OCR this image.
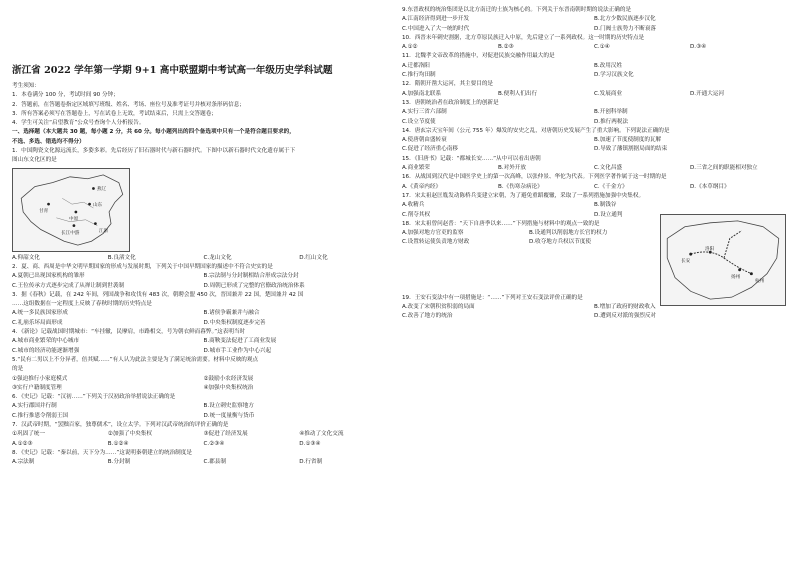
浙江省 2022 学年第一学期 9+1 高中联盟期中考试高一年级历史学科试题
考生须知：
1．本卷满分 100 分，考试时间 90 分钟；
2．答题前，在答题卷指定区域填写班级、姓名、考场、座位号及准考证号并核对条形码信息；
3．所有答案必须写在答题卷上，写在试卷上无效，考试结束后，只需上交答题卷；
4．学生可关注“启望教育”公众号查询个人分析报告。
一、选择题（本大题共 30 题，每小题 2 分，共 60 分。每小题列出的四个备选项中只有一个是符合题目要求的，
不选、多选、错选均不得分）
1．中国陶瓷文化源远流长，多姿多彩。先后经历了旧石器时代与新石器时代。下图中以新石器时代文化遗存属于下
图山东文化区的是
山东
中原
甘青
长江中游	江浙
燕辽
A.仰韶文化	B.良渚文化	C.龙山文化	D.红山文化
2．夏、商、西周是中华文明早期国家的形成与发展时期，下列关于中国早期国家的描述中不符合史实的是
A.夏朝已出现国家机构的雏形	B.宗法制与分封制相结合形成宗法分封
C.王位传承方式逐步完成了从禅让制到世袭制	D.周朝已形成了完整的官僚政治统治体系
3．据《春秋》记载，在 242 年间，列国战争和攻伐有 483 次，朝聘会盟 450 次，晋国兼并 22 国，楚国兼并 42 国
……这组数据在一定程度上反映了春秋时期的历史特点是
A.统一多民族国家形成	B.诸侯争霸兼并与融合
C.礼崩乐坏局面形成	D.中央集权制度逐步完善
4．《新论》记载战国时期城市：“车挂辙，民摩肩，市路相交，号为朝衣鲜而暮弊。”这表明当时
A.城市商业繁荣的中心城市	B.商鞅变法促进了工商业发展
C.城市的经济功能逐渐增强	D.城市手工业作为中心兴起
5.“民有二男以上不分异者，倍其赋……”有人认为此法主要是为了满足统治需要。材料中反映的观点
的是
①强迫推行小家庭模式	②鼓励小农经济发展
③实行户籍制度管理	④加强中央集权统治
6．《史记》记载：“汉初……”下列关于汉初政治举措说法正确的是
A.实行郡国并行制	B.设立刺史监察地方
C.推行推恩令削弱王国	D.统一度量衡与货币
7．汉武帝时期，“罢黜百家，独尊儒术”，设立太学。下列对汉武帝统治的评价正确的是
①巩固了统一	②加强了中央集权	③促进了经济发展	④推动了文化交流
A.①②③	B.①②④	C.②③④	D.①③④
8．《史记》记载：“秦以前，天下分为……”这说明秦朝建立的统治制度是
A.宗法制	B.分封制	C.郡县制	D.行省制
9.东晋政权的统治集团是以北方南迁的士族为核心的。下列关于东晋南朝时期的说法正确的是
A.江南经济得到进一步开发	B.北方少数民族逐步汉化
C.中国进入了大一统的时代	D.门阀士族势力不断衰落
10．西晋末年刺史割据，北方草原民族迁入中原，先后建立了一系列政权。这一时期的历史特点是
A.①②	B.②③	C.①④	D.③④
11．北魏孝文帝改革的措施中，对促进民族交融作用最大的是
A.迁都洛阳	B.改用汉姓
C.推行均田制	D.学习汉族文化
12．隋朝开凿大运河，其主要目的是
A.加强南北联系	B.便利人们出行	C.发展商业	D.开通大运河
13．唐朝统治者在政治制度上的创新是
A.实行三省六部制	B.开创科举制
C.设立节度使	D.推行两税法
14．唐玄宗天宝年间（公元 755 年）爆发的安史之乱，对唐朝历史发展产生了重大影响。下列说法正确的是
A.使唐朝由盛转衰	B.加速了节度使制度的瓦解
C.促进了经济重心南移	D.导致了藩镇割据局面的结束
15．《旧唐书》记载：“都城长安……”从中可以看出唐朝
A.商业繁荣	B.对外开放	C.文化昌盛	D.三省之间的职能相对独立
16．从战国到汉代是中国医学史上的第一次高峰，以张仲景、华佗为代表。下列医学著作属于这一时期的是
A.《黄帝内经》	B.《伤寒杂病论》	C.《千金方》	D.《本草纲目》
17．宋太祖赵匡胤发动陈桥兵变建立宋朝，为了避免重蹈覆辙，采取了一系列措施加强中央集权。
A.收精兵	B.制钱谷
C.削夺其权	D.设立通判
长安
洛阳
扬州
杭州
18．宋太祖曾问赵普：“天下自唐季以来……”下列措施与材料中的观点一致的是
A.加强对地方官吏的监察	B.设通判以削弱地方长官的权力
C.设置转运使负责地方财政	D.收夺地方兵权以节度使
19．王安石变法中有一项措施是：“……”下列对王安石变法评价正确的是
A.改变了宋朝积贫积弱的局面	B.增加了政府的财政收入
C.改善了地方的统治	D.遭到反对派的强烈反对
